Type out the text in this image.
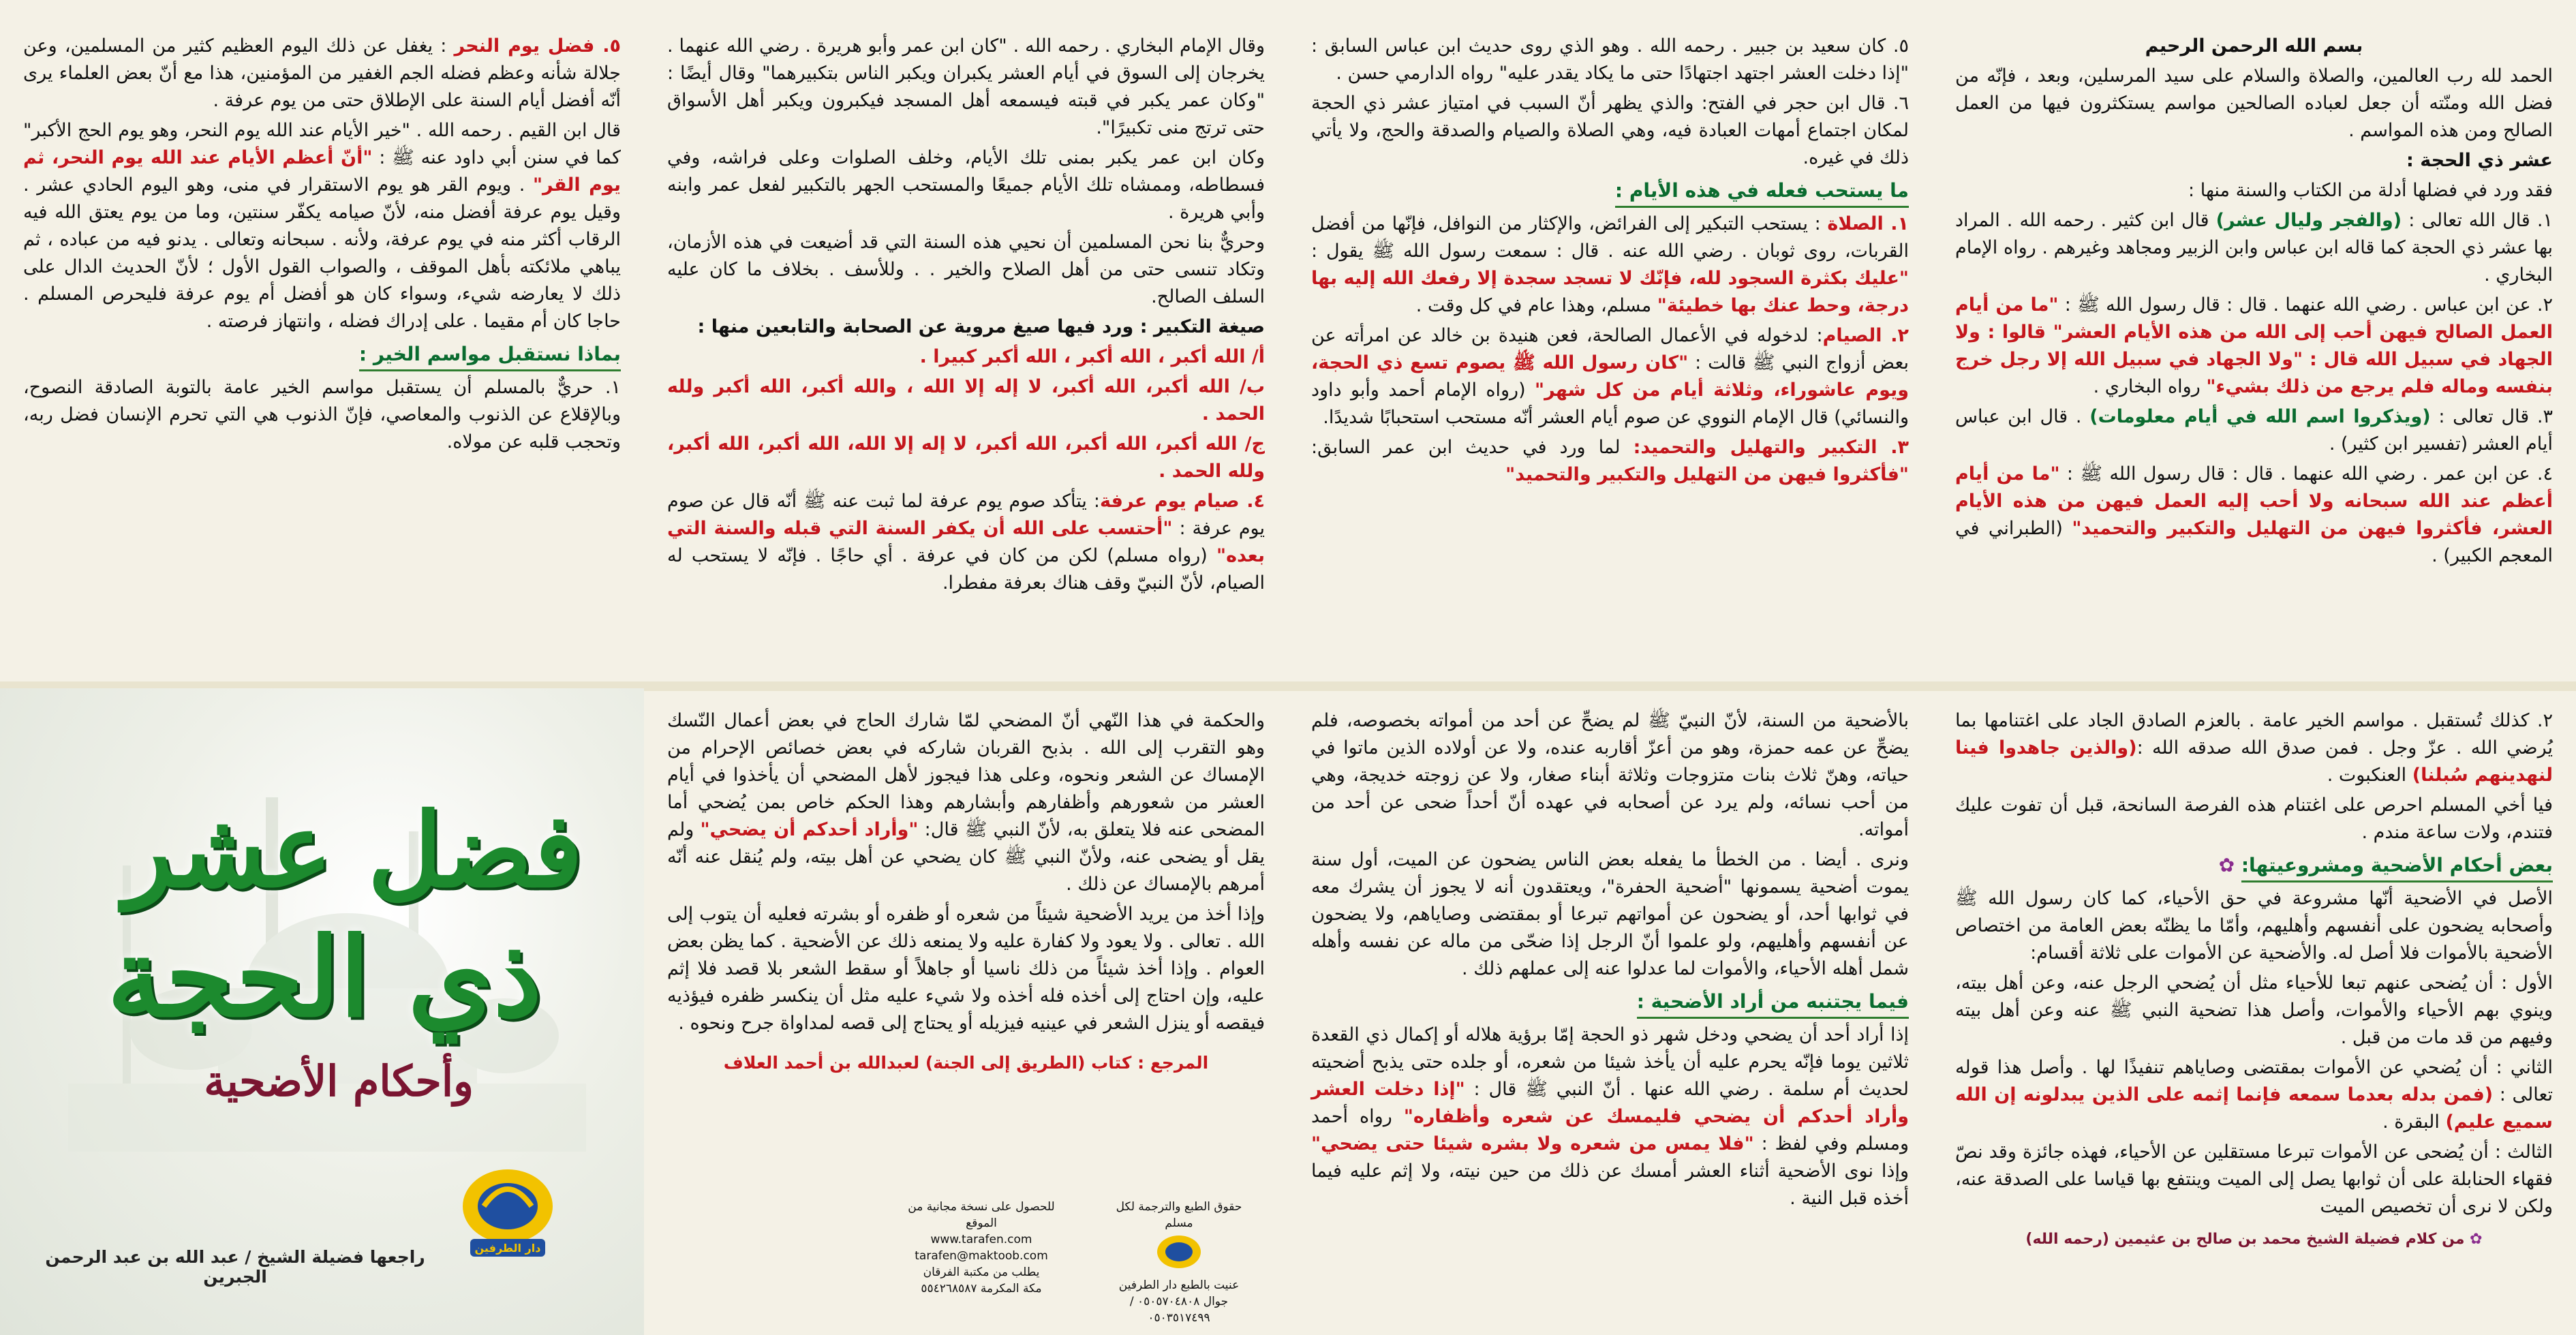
بسم الله الرحمن الرحيم

الحمد لله رب العالمين، والصلاة والسلام على سيد المرسلين، وبعد ، فإنّه من فضل الله ومنّته أن جعل لعباده الصالحين مواسم يستكثرون فيها من العمل الصالح ومن هذه المواسم .

عشر ذي الحجة :

فقد ورد في فضلها أدلة من الكتاب والسنة منها :

١. قال الله تعالى : (والفجر وليال عشر) قال ابن كثير . رحمه الله . المراد بها عشر ذي الحجة كما قاله ابن عباس وابن الزبير ومجاهد وغيرهم . رواه الإمام البخاري .

٢. عن ابن عباس . رضي الله عنهما . قال : قال رسول الله ﷺ : "ما من أيام العمل الصالح فيهن أحب إلى الله من هذه الأيام العشر" قالوا : ولا الجهاد في سبيل الله قال : "ولا الجهاد في سبيل الله إلا رجل خرج بنفسه وماله فلم يرجع من ذلك بشيء" رواه البخاري .

٣. قال تعالى : (ويذكروا اسم الله في أيام معلومات) . قال ابن عباس أيام العشر (تفسير ابن كثير) .

٤. عن ابن عمر . رضي الله عنهما . قال : قال رسول الله ﷺ : "ما من أيام أعظم عند الله سبحانه ولا أحب إليه العمل فيهن من هذه الأيام العشر، فأكثروا فيهن من التهليل والتكبير والتحميد" (الطبراني في المعجم الكبير) .

٥. كان سعيد بن جبير . رحمه الله . وهو الذي روى حديث ابن عباس السابق : "إذا دخلت العشر اجتهد اجتهادًا حتى ما يكاد يقدر عليه" رواه الدارمي حسن .

٦. قال ابن حجر في الفتح: والذي يظهر أنّ السبب في امتياز عشر ذي الحجة لمكان اجتماع أمهات العبادة فيه، وهي الصلاة والصيام والصدقة والحج، ولا يأتي ذلك في غيره.

ما يستحب فعله في هذه الأيام :

١. الصلاة : يستحب التبكير إلى الفرائض، والإكثار من النوافل، فإنّها من أفضل القربات، روى ثوبان . رضي الله عنه . قال : سمعت رسول الله ﷺ يقول : "عليك بكثرة السجود لله، فإنّك لا تسجد سجدة إلا رفعك الله إليه بها درجة، وحط عنك بها خطيئة" مسلم، وهذا عام في كل وقت .

٢. الصيام: لدخوله في الأعمال الصالحة، فعن هنيدة بن خالد عن امرأته عن بعض أزواج النبي ﷺ قالت : "كان رسول الله ﷺ يصوم تسع ذي الحجة، ويوم عاشوراء، وثلاثة أيام من كل شهر" (رواه الإمام أحمد وأبو داود والنسائي) قال الإمام النووي عن صوم أيام العشر أنّه مستحب استحبابًا شديدًا.

٣. التكبير والتهليل والتحميد: لما ورد في حديث ابن عمر السابق: "فأكثروا فيهن من التهليل والتكبير والتحميد"

وقال الإمام البخاري . رحمه الله . "كان ابن عمر وأبو هريرة . رضي الله عنهما . يخرجان إلى السوق في أيام العشر يكبران ويكبر الناس بتكبيرهما" وقال أيضًا : "وكان عمر يكبر في قبته فيسمعه أهل المسجد فيكبرون ويكبر أهل الأسواق حتى ترتج منى تكبيرًا".

وكان ابن عمر يكبر بمنى تلك الأيام، وخلف الصلوات وعلى فراشه، وفي فسطاطه، وممشاه تلك الأيام جميعًا والمستحب الجهر بالتكبير لفعل عمر وابنه وأبي هريرة .

وحريٌّ بنا نحن المسلمين أن نحيي هذه السنة التي قد أضيعت في هذه الأزمان، وتكاد تنسى حتى من أهل الصلاح والخير . . وللأسف . بخلاف ما كان عليه السلف الصالح.

صيغة التكبير : ورد فيها صيغ مروية عن الصحابة والتابعين منها :

أ/ الله أكبر ، الله أكبر ، الله أكبر كبيرا .

ب/ الله أكبر، الله أكبر، لا إله إلا الله ، والله أكبر، الله أكبر ولله الحمد .

ج/ الله أكبر، الله أكبر، الله أكبر، لا إله إلا الله، الله أكبر، الله أكبر، ولله الحمد .

٤. صيام يوم عرفة: يتأكد صوم يوم عرفة لما ثبت عنه ﷺ أنّه قال عن صوم يوم عرفة : "أحتسب على الله أن يكفر السنة التي قبله والسنة التي بعده" (رواه مسلم) لكن من كان في عرفة . أي حاجًا . فإنّه لا يستحب له الصيام، لأنّ النبيّ وقف هناك بعرفة مفطرا.

٥. فضل يوم النحر : يغفل عن ذلك اليوم العظيم كثير من المسلمين، وعن جلالة شأنه وعظم فضله الجم الغفير من المؤمنين، هذا مع أنّ بعض العلماء يرى أنّه أفضل أيام السنة على الإطلاق حتى من يوم عرفة .

قال ابن القيم . رحمه الله . "خير الأيام عند الله يوم النحر، وهو يوم الحج الأكبر" كما في سنن أبي داود عنه ﷺ : "أنّ أعظم الأيام عند الله يوم النحر، ثم يوم القر" . ويوم القر هو يوم الاستقرار في منى، وهو اليوم الحادي عشر . وقيل يوم عرفة أفضل منه، لأنّ صيامه يكفّر سنتين، وما من يوم يعتق الله فيه الرقاب أكثر منه في يوم عرفة، ولأنه . سبحانه وتعالى . يدنو فيه من عباده ، ثم يباهي ملائكته بأهل الموقف ، والصواب القول الأول ؛ لأنّ الحديث الدال على ذلك لا يعارضه شيء، وسواء كان هو أفضل أم يوم عرفة فليحرص المسلم . حاجا كان أم مقيما . على إدراك فضله ، وانتهاز فرصته .

بماذا نستقبل مواسم الخير :

١. حريٌّ بالمسلم أن يستقبل مواسم الخير عامة بالتوبة الصادقة النصوح، وبالإقلاع عن الذنوب والمعاصي، فإنّ الذنوب هي التي تحرم الإنسان فضل ربه، وتحجب قلبه عن مولاه.

٢. كذلك تُستقبل . مواسم الخير عامة . بالعزم الصادق الجاد على اغتنامها بما يُرضي الله . عزّ وجل . فمن صدق الله صدقه الله :(والذين جاهدوا فينا لنهدينهم سُبلنا) العنكبوت .

فيا أخي المسلم احرص على اغتنام هذه الفرصة السانحة، قبل أن تفوت عليك فتندم، ولات ساعة مندم .

بعض أحكام الأضحية ومشروعيتها: ✿

الأصل في الأضحية أنّها مشروعة في حق الأحياء، كما كان رسول الله ﷺ وأصحابه يضحون على أنفسهم وأهليهم، وأمّا ما يظنّه بعض العامة من اختصاص الأضحية بالأموات فلا أصل له. والأضحية عن الأموات على ثلاثة أقسام:

الأول : أن يُضحى عنهم تبعا للأحياء مثل أن يُضحي الرجل عنه، وعن أهل بيته، وينوي بهم الأحياء والأموات، وأصل هذا تضحية النبي ﷺ عنه وعن أهل بيته وفيهم من قد مات من قبل .

الثاني : أن يُضحي عن الأموات بمقتضى وصاياهم تنفيذًا لها . وأصل هذا قوله تعالى : (فمن بدله بعدما سمعه فإنما إثمه على الذين يبدلونه إن الله سميع عليم) البقرة .

الثالث : أن يُضحى عن الأموات تبرعا مستقلين عن الأحياء، فهذه جائزة وقد نصّ فقهاء الحنابلة على أن ثوابها يصل إلى الميت وينتفع بها قياسا على الصدقة عنه، ولكن لا نرى أن تخصيص الميت

✿ من كلام فضيلة الشيخ محمد بن صالح بن عثيمين (رحمه الله)

بالأضحية من السنة، لأنّ النبيّ ﷺ لم يضحِّ عن أحد من أمواته بخصوصه، فلم يضحِّ عن عمه حمزة، وهو من أعزّ أقاربه عنده، ولا عن أولاده الذين ماتوا في حياته، وهنّ ثلاث بنات متزوجات وثلاثة أبناء صغار، ولا عن زوجته خديجة، وهي من أحب نسائه، ولم يرد عن أصحابه في عهده أنّ أحداً ضحى عن أحد من أمواته.

ونرى . أيضا . من الخطأ ما يفعله بعض الناس يضحون عن الميت، أول سنة يموت أضحية يسمونها "أضحية الحفرة"، ويعتقدون أنه لا يجوز أن يشرك معه في ثوابها أحد، أو يضحون عن أمواتهم تبرعا أو بمقتضى وصاياهم، ولا يضحون عن أنفسهم وأهليهم، ولو علموا أنّ الرجل إذا ضحّى من ماله عن نفسه وأهله شمل أهله الأحياء، والأموات لما عدلوا عنه إلى عملهم ذلك .

فيما يجتنبه من أراد الأضحية :

إذا أراد أحد أن يضحي ودخل شهر ذو الحجة إمّا برؤية هلاله أو إكمال ذي القعدة ثلاثين يوما فإنّه يحرم عليه أن يأخذ شيئا من شعره، أو جلده حتى يذبح أضحيته لحديث أم سلمة . رضي الله عنها . أنّ النبي ﷺ قال : "إذا دخلت العشر وأراد أحدكم أن يضحي فليمسك عن شعره وأظفاره" رواه أحمد ومسلم وفي لفظ : "فلا يمس من شعره ولا بشره شيئا حتى يضحي" وإذا نوى الأضحية أثناء العشر أمسك عن ذلك من حين نيته، ولا إثم عليه فيما أخذه قبل النية .

والحكمة في هذا النّهي أنّ المضحي لمّا شارك الحاج في بعض أعمال النّسك وهو التقرب إلى الله . بذبح القربان شاركه في بعض خصائص الإحرام من الإمساك عن الشعر ونحوه، وعلى هذا فيجوز لأهل المضحي أن يأخذوا في أيام العشر من شعورهم وأظفارهم وأبشارهم وهذا الحكم خاص بمن يُضحي أما المضحى عنه فلا يتعلق به، لأنّ النبي ﷺ قال: "وأراد أحدكم أن يضحي" ولم يقل أو يضحى عنه، ولأنّ النبي ﷺ كان يضحي عن أهل بيته، ولم يُنقل عنه أنّه أمرهم بالإمساك عن ذلك .

وإذا أخذ من يريد الأضحية شيئاً من شعره أو ظفره أو بشرته فعليه أن يتوب إلى الله . تعالى . ولا يعود ولا كفارة عليه ولا يمنعه ذلك عن الأضحية . كما يظن بعض العوام . وإذا أخذ شيئاً من ذلك ناسيا أو جاهلاً أو سقط الشعر بلا قصد فلا إثم عليه، وإن احتاج إلى أخذه فله أخذه ولا شيء عليه مثل أن ينكسر ظفره فيؤذيه فيقصه أو ينزل الشعر في عينيه فيزيله أو يحتاج إلى قصه لمداواة جرح ونحوه .

المرجع : كتاب (الطريق إلى الجنة) لعبدالله بن أحمد العلاف

حقوق الطبع والترجمة لكل مسلم
عنيت بالطبع دار الطرفين
جوال ٠٥٠٥٧٠٤٨٠٨ / ٠٥٠٣٥١٧٤٩٩
للحصول على نسخة مجانية من الموقع
www.tarafen.com
tarafen@maktoob.com
يطلب من مكتبة الفرقان
مكة المكرمة ٥٥٤٢٦٨٥٨٧
فضل عشر
ذي الحجة
وأحكام الأضحية
دار الطرفين
راجعها فضيلة الشيخ / عبد الله بن عبد الرحمن الجبرين
